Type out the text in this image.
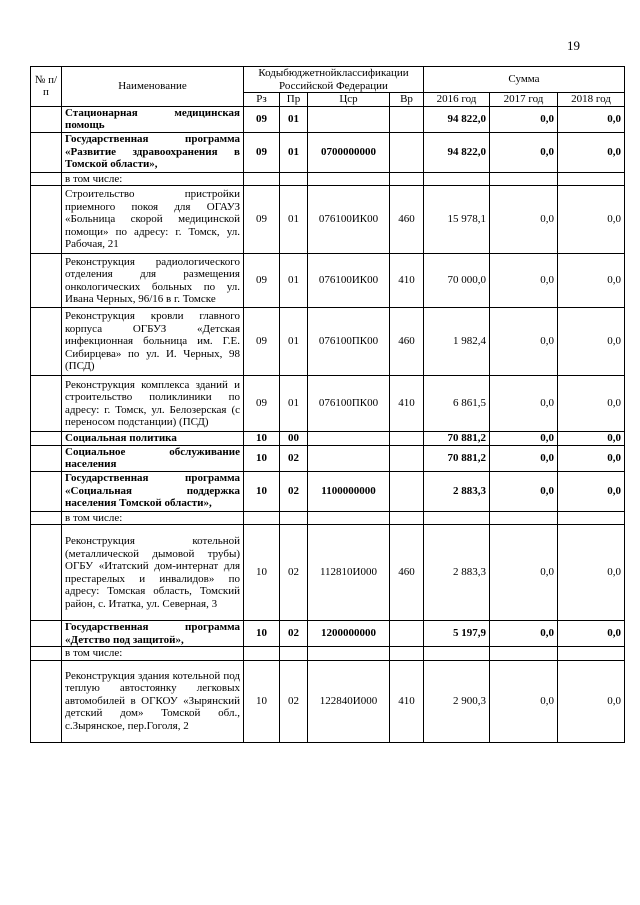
19
№ п/п	Наименование	Кодыбюджетнойклассификации Российской Федерации				Сумма		
		Рз	Пр	Цср	Вр	2016 год	2017 год	2018 год
	Стационарная медицинская помощь	09	01			94 822,0	0,0	0,0
	Государственная программа «Развитие здравоохранения в Томской области»,	09	01	0700000000		94 822,0	0,0	0,0
	в том числе:							
	Строительство пристройки приемного покоя для ОГАУЗ «Больница скорой медицинской помощи» по адресу: г. Томск, ул. Рабочая, 21	09	01	076100ИК00	460	15 978,1	0,0	0,0
	Реконструкция радиологического отделения для размещения онкологических больных по ул. Ивана Черных, 96/16 в г. Томске	09	01	076100ИК00	410	70 000,0	0,0	0,0
	Реконструкция кровли главного корпуса ОГБУЗ «Детская инфекционная больница им. Г.Е. Сибирцева» по ул. И. Черных, 98 (ПСД)	09	01	076100ПК00	460	1 982,4	0,0	0,0
	Реконструкция комплекса зданий и строительство поликлиники по адресу: г. Томск, ул. Белозерская (с переносом подстанции) (ПСД)	09	01	076100ПК00	410	6 861,5	0,0	0,0
	Социальная политика	10	00			70 881,2	0,0	0,0
	Социальное обслуживание населения	10	02			70 881,2	0,0	0,0
	Государственная программа «Социальная поддержка населения Томской области»,	10	02	1100000000		2 883,3	0,0	0,0
	в том числе:							
	Реконструкция котельной (металлической дымовой трубы) ОГБУ «Итатский дом-интернат для престарелых и инвалидов» по адресу: Томская область, Томский район, с. Итатка, ул. Северная, 3	10	02	112810И000	460	2 883,3	0,0	0,0
	Государственная программа «Детство под защитой»,	10	02	1200000000		5 197,9	0,0	0,0
	в том числе:							
	Реконструкция здания котельной под теплую автостоянку легковых автомобилей в ОГКОУ «Зырянский детский дом» Томской обл., с.Зырянское, пер.Гоголя, 2	10	02	122840И000	410	2 900,3	0,0	0,0
